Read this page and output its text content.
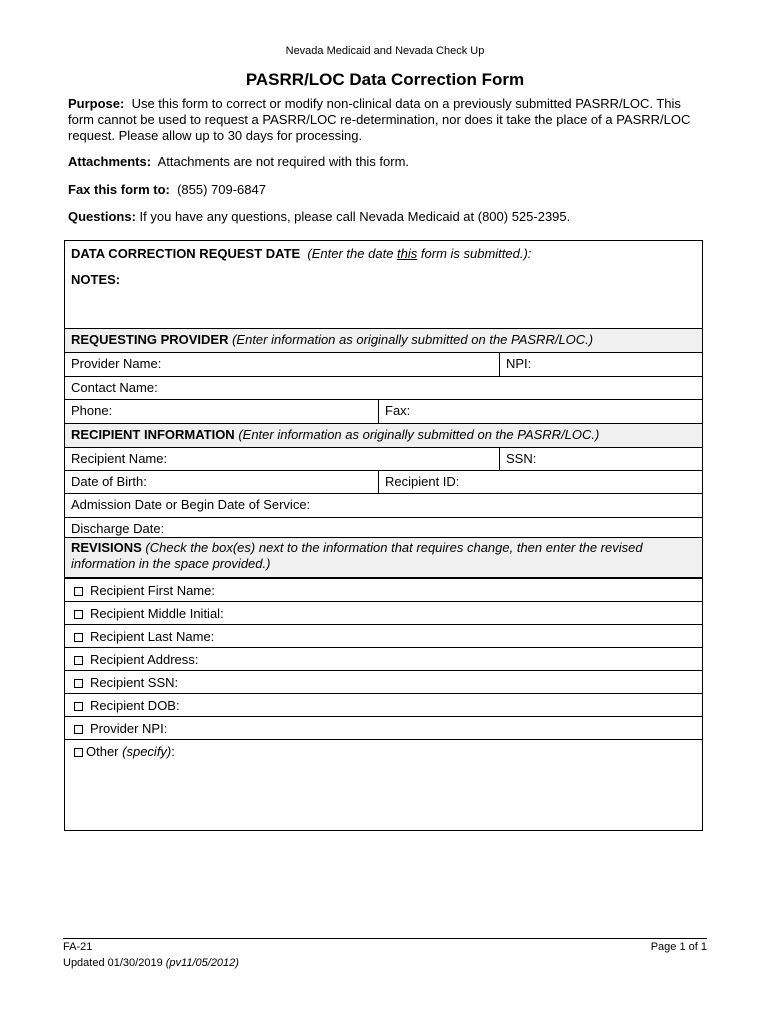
Nevada Medicaid and Nevada Check Up
PASRR/LOC Data Correction Form
Purpose: Use this form to correct or modify non-clinical data on a previously submitted PASRR/LOC. This form cannot be used to request a PASRR/LOC re-determination, nor does it take the place of a PASRR/LOC request. Please allow up to 30 days for processing.
Attachments: Attachments are not required with this form.
Fax this form to: (855) 709-6847
Questions: If you have any questions, please call Nevada Medicaid at (800) 525-2395.
DATA CORRECTION REQUEST DATE (Enter the date this form is submitted.):
NOTES:
REQUESTING PROVIDER (Enter information as originally submitted on the PASRR/LOC.)
Provider Name:	NPI:
Contact Name:
Phone:	Fax:
RECIPIENT INFORMATION (Enter information as originally submitted on the PASRR/LOC.)
Recipient Name:	SSN:
Date of Birth:	Recipient ID:
Admission Date or Begin Date of Service:
Discharge Date:
REVISIONS (Check the box(es) next to the information that requires change, then enter the revised information in the space provided.)
Recipient First Name:
Recipient Middle Initial:
Recipient Last Name:
Recipient Address:
Recipient SSN:
Recipient DOB:
Provider NPI:
Other (specify):
FA-21
Updated 01/30/2019 (pv11/05/2012)
Page 1 of 1
